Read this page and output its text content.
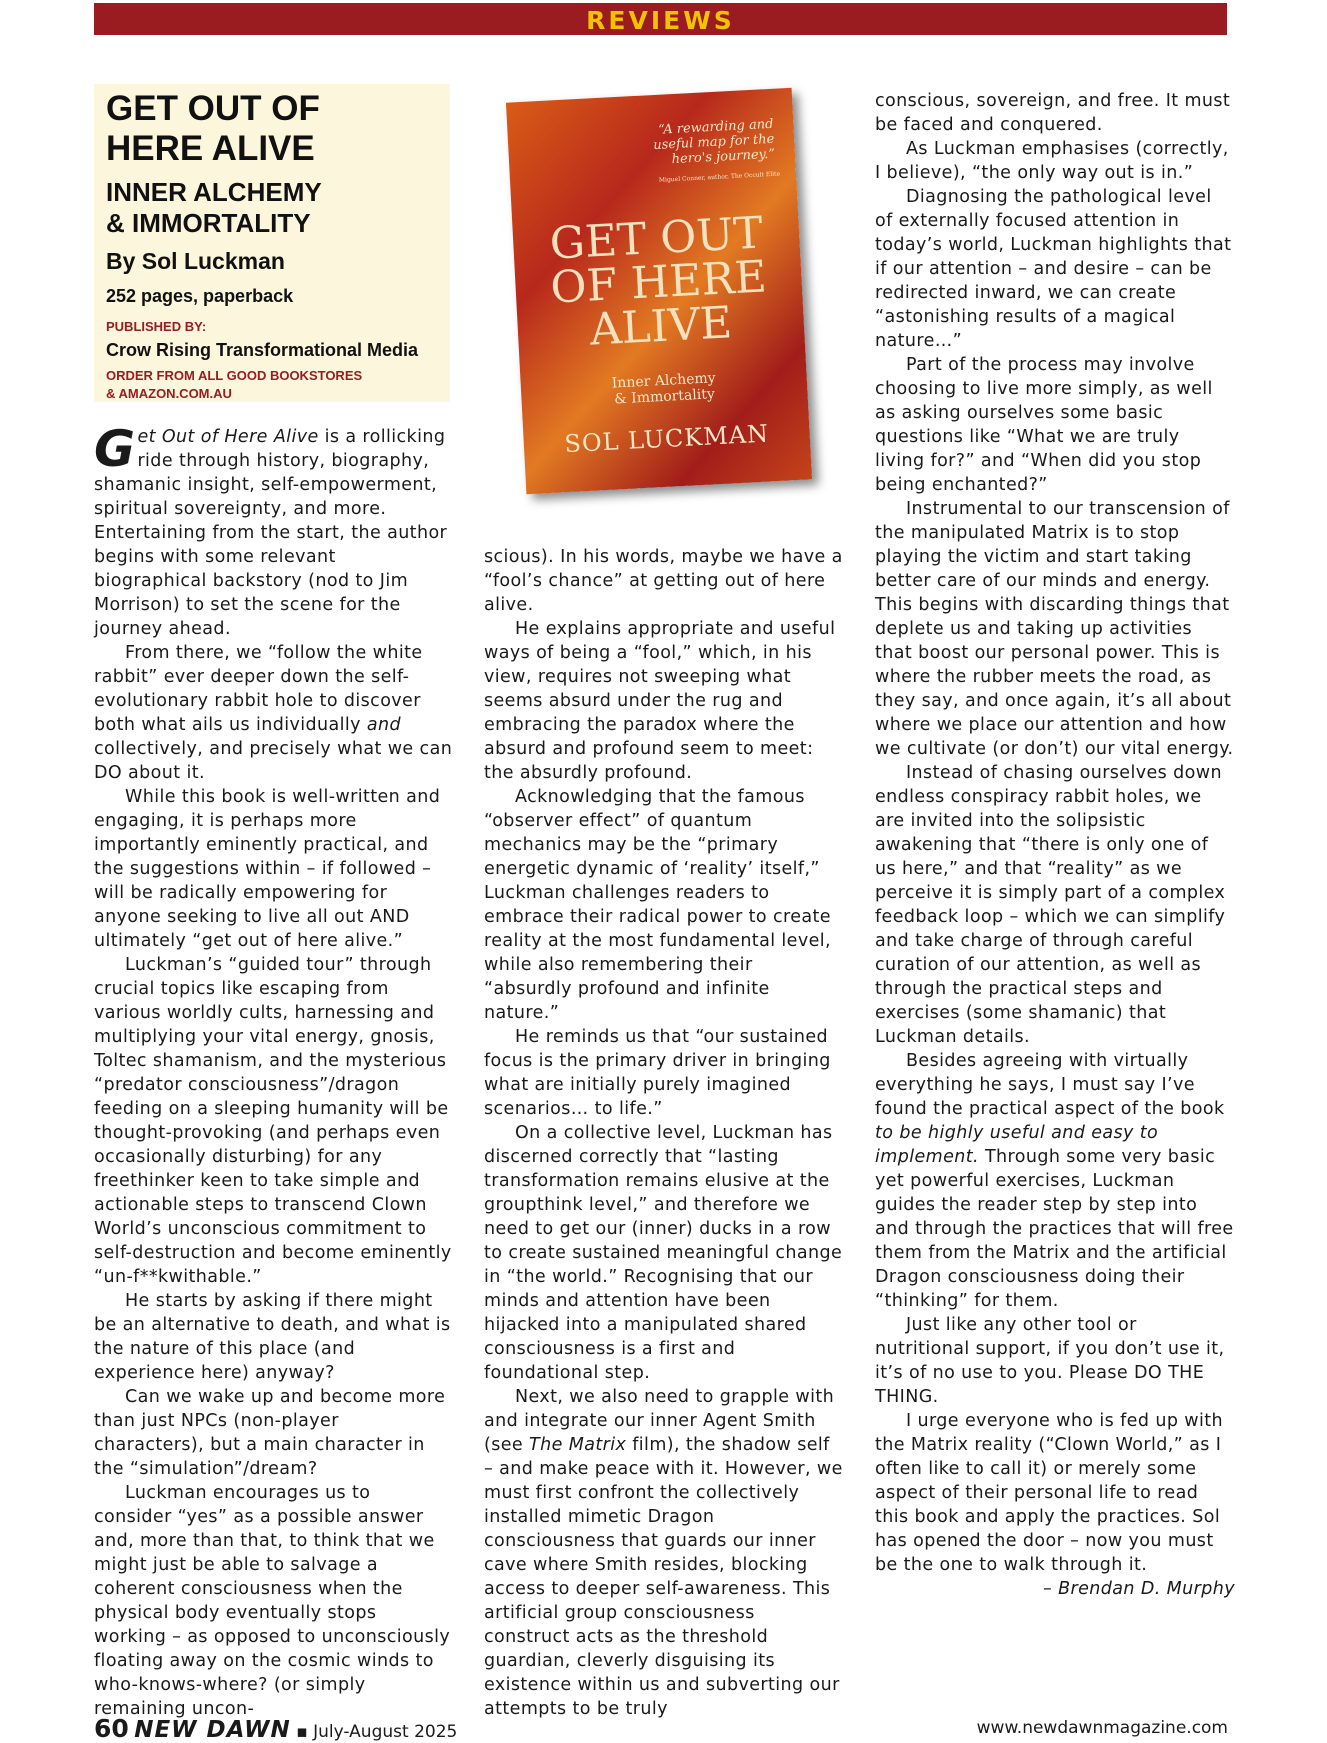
REVIEWS
GET OUT OF
HERE ALIVE
INNER ALCHEMY
& IMMORTALITY
By Sol Luckman
252 pages, paperback
PUBLISHED BY:
Crow Rising Transformational Media
ORDER FROM ALL GOOD BOOKSTORES
& AMAZON.COM.AU
“A rewarding and useful map for the hero's journey.”
Miguel Conner, author, The Occult Elite
GET OUT
OF HERE
ALIVE
Inner Alchemy
& Immortality
SOL LUCKMAN

Get Out of Here Alive is a rollicking ride through history, biography, shamanic insight, self-empowerment, spiritual sovereignty, and more. Entertaining from the start, the author begins with some relevant biographical backstory (nod to Jim Morrison) to set the scene for the journey ahead.

From there, we “follow the white rabbit” ever deeper down the self-evolutionary rabbit hole to discover both what ails us individually and collectively, and precisely what we can DO about it.

While this book is well-written and engaging, it is perhaps more importantly eminently practical, and the suggestions within – if followed – will be radically empowering for anyone seeking to live all out AND ultimately “get out of here alive.”

Luckman’s “guided tour” through crucial topics like escaping from various worldly cults, harnessing and multiplying your vital energy, gnosis, Toltec shamanism, and the mysterious “predator consciousness”/dragon feeding on a sleeping humanity will be thought-provoking (and perhaps even occasionally disturbing) for any freethinker keen to take simple and actionable steps to transcend Clown World’s unconscious commitment to self-destruction and become eminently “un-f**kwithable.”

He starts by asking if there might be an alternative to death, and what is the nature of this place (and experience here) anyway?

Can we wake up and become more than just NPCs (non-player characters), but a main character in the “simulation”/dream?

Luckman encourages us to consider “yes” as a possible answer and, more than that, to think that we might just be able to salvage a coherent consciousness when the physical body eventually stops working – as opposed to unconsciously floating away on the cosmic winds to who-knows-where? (or simply remaining uncon-

scious). In his words, maybe we have a “fool’s chance” at getting out of here alive.

He explains appropriate and useful ways of being a “fool,” which, in his view, requires not sweeping what seems absurd under the rug and embracing the paradox where the absurd and profound seem to meet: the absurdly profound.

Acknowledging that the famous “observer effect” of quantum mechanics may be the “primary energetic dynamic of ‘reality’ itself,” Luckman challenges readers to embrace their radical power to create reality at the most fundamental level, while also remembering their “absurdly profound and infinite nature.”

He reminds us that “our sustained focus is the primary driver in bringing what are initially purely imagined scenarios… to life.”

On a collective level, Luckman has discerned correctly that “lasting transformation remains elusive at the groupthink level,” and therefore we need to get our (inner) ducks in a row to create sustained meaningful change in “the world.” Recognising that our minds and attention have been hijacked into a manipulated shared consciousness is a first and foundational step.

Next, we also need to grapple with and integrate our inner Agent Smith (see The Matrix film), the shadow self – and make peace with it. However, we must first confront the collectively installed mimetic Dragon consciousness that guards our inner cave where Smith resides, blocking access to deeper self-awareness. This artificial group consciousness construct acts as the threshold guardian, cleverly disguising its existence within us and subverting our attempts to be truly

conscious, sovereign, and free. It must be faced and conquered.

As Luckman emphasises (correctly, I believe), “the only way out is in.”

Diagnosing the pathological level of externally focused attention in today’s world, Luckman highlights that if our attention – and desire – can be redirected inward, we can create “astonishing results of a magical nature…”

Part of the process may involve choosing to live more simply, as well as asking ourselves some basic questions like “What we are truly living for?” and “When did you stop being enchanted?”

Instrumental to our transcension of the manipulated Matrix is to stop playing the victim and start taking better care of our minds and energy. This begins with discarding things that deplete us and taking up activities that boost our personal power. This is where the rubber meets the road, as they say, and once again, it’s all about where we place our attention and how we cultivate (or don’t) our vital energy.

Instead of chasing ourselves down endless conspiracy rabbit holes, we are invited into the solipsistic awakening that “there is only one of us here,” and that “reality” as we perceive it is simply part of a complex feedback loop – which we can simplify and take charge of through careful curation of our attention, as well as through the practical steps and exercises (some shamanic) that Luckman details.

Besides agreeing with virtually everything he says, I must say I’ve found the practical aspect of the book to be highly useful and easy to implement. Through some very basic yet powerful exercises, Luckman guides the reader step by step into and through the practices that will free them from the Matrix and the artificial Dragon consciousness doing their “thinking” for them.

Just like any other tool or nutritional support, if you don’t use it, it’s of no use to you. Please DO THE THING.

I urge everyone who is fed up with the Matrix reality (“Clown World,” as I often like to call it) or merely some aspect of their personal life to read this book and apply the practices. Sol has opened the door – now you must be the one to walk through it.

– Brendan D. Murphy

60 NEW DAWN ▪ July-August 2025	www.newdawnmagazine.com
